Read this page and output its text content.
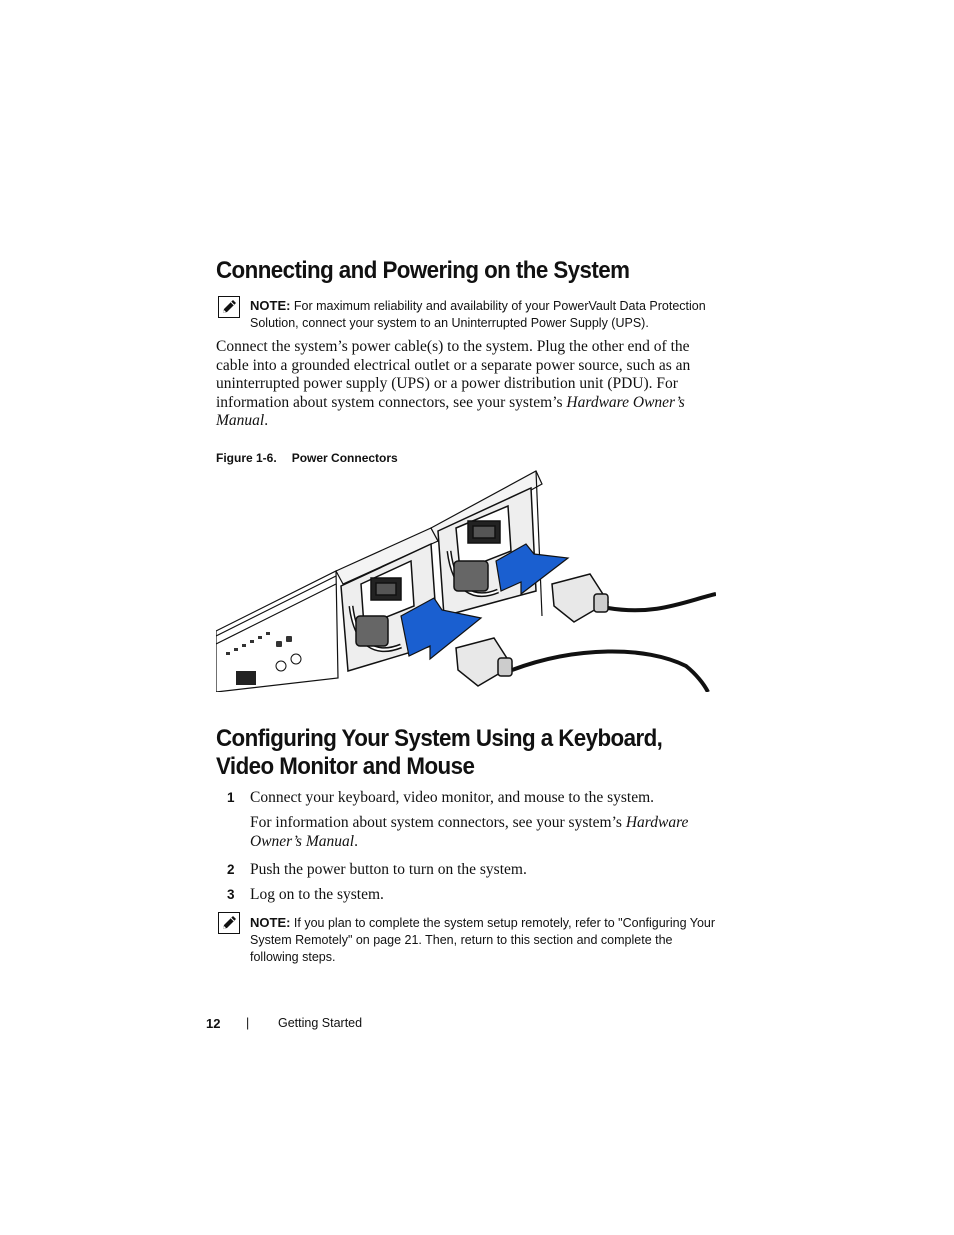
Connecting and Powering on the System
NOTE: For maximum reliability and availability of your PowerVault Data Protection Solution, connect your system to an Uninterrupted Power Supply (UPS).
Connect the system’s power cable(s) to the system. Plug the other end of the cable into a grounded electrical outlet or a separate power source, such as an uninterrupted power supply (UPS) or a power distribution unit (PDU). For information about system connectors, see your system’s Hardware Owner’s Manual.
Figure 1-6. Power Connectors
Configuring Your System Using a Keyboard, Video Monitor and Mouse
1 Connect your keyboard, video monitor, and mouse to the system.
For information about system connectors, see your system’s Hardware Owner’s Manual.
2 Push the power button to turn on the system.
3 Log on to the system.
NOTE: If you plan to complete the system setup remotely, refer to "Configuring Your System Remotely" on page 21. Then, return to this section and complete the following steps.
12 | Getting Started
